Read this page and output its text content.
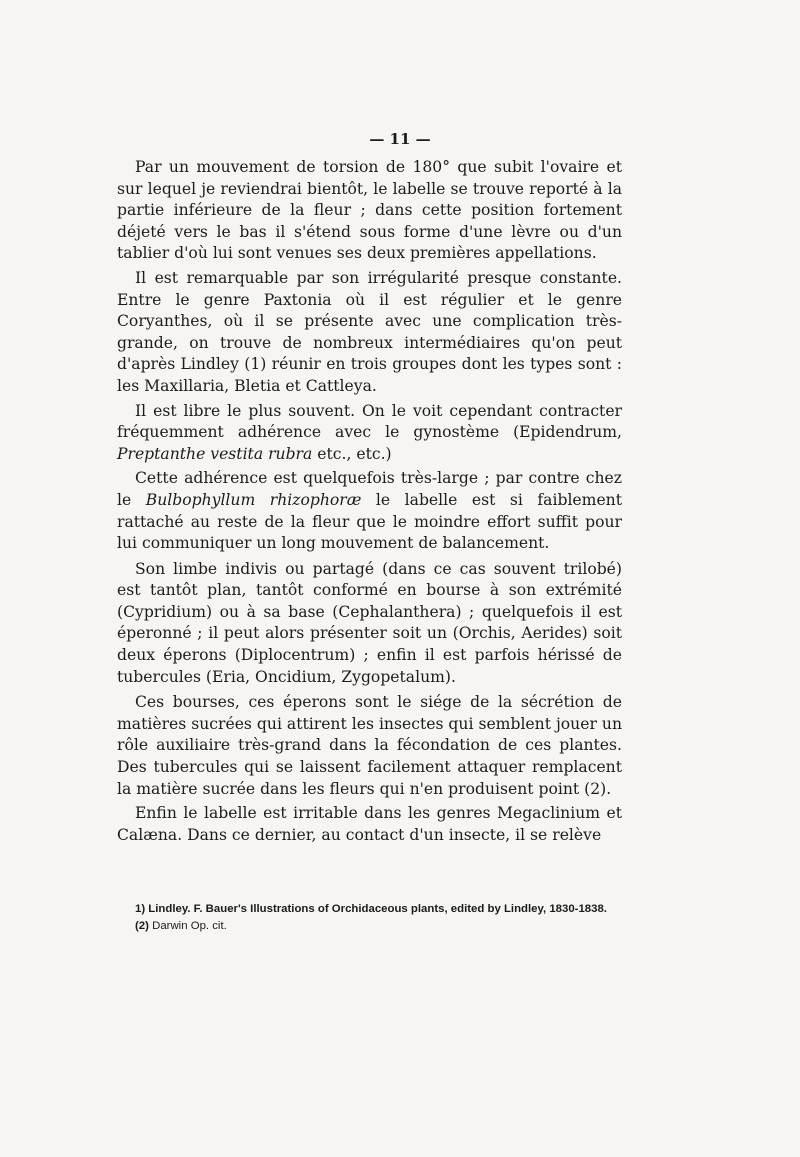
— 11 —

Par un mouvement de torsion de 180° que subit l'ovaire et sur lequel je reviendrai bientôt, le labelle se trouve reporté à la partie inférieure de la fleur ; dans cette position fortement déjeté vers le bas il s'étend sous forme d'une lèvre ou d'un tablier d'où lui sont venues ses deux premières appellations.

Il est remarquable par son irrégularité presque constante. Entre le genre Paxtonia où il est régulier et le genre Coryanthes, où il se présente avec une complication très-grande, on trouve de nombreux intermédiaires qu'on peut d'après Lindley (1) réunir en trois groupes dont les types sont : les Maxillaria, Bletia et Cattleya.

Il est libre le plus souvent. On le voit cependant contracter fréquemment adhérence avec le gynostème (Epidendrum, Preptanthe vestita rubra etc., etc.)

Cette adhérence est quelquefois très-large ; par contre chez le Bulbophyllum rhizophoræ le labelle est si faiblement rattaché au reste de la fleur que le moindre effort suffit pour lui communiquer un long mouvement de balancement.

Son limbe indivis ou partagé (dans ce cas souvent trilobé) est tantôt plan, tantôt conformé en bourse à son extrémité (Cypridium) ou à sa base (Cephalanthera) ; quelquefois il est éperonné ; il peut alors présenter soit un (Orchis, Aerides) soit deux éperons (Diplocentrum) ; enfin il est parfois hérissé de tubercules (Eria, Oncidium, Zygopetalum).

Ces bourses, ces éperons sont le siége de la sécrétion de matières sucrées qui attirent les insectes qui semblent jouer un rôle auxiliaire très-grand dans la fécondation de ces plantes. Des tubercules qui se laissent facilement attaquer remplacent la matière sucrée dans les fleurs qui n'en produisent point (2).

Enfin le labelle est irritable dans les genres Megaclinium et Calæna. Dans ce dernier, au contact d'un insecte, il se relève

1) Lindley. F. Bauer's Illustrations of Orchidaceous plants, edited by Lindley, 1830-1838.

(2) Darwin Op. cit.
